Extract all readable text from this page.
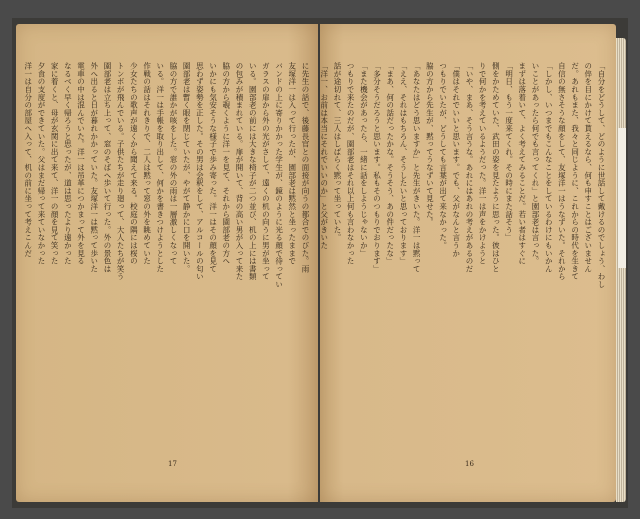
に先生の話で、後藤長官との面接が向うの都合でのびた。雨

友塚洋一は入って行ったが、園部老は黙然と坐ったままで

バンドの上に寄りかかった学生が、鏡のように光る顔で待ってい

ガラスの扉から外の光がさして、遠くの机の向うに男が坐って

いる。園部老の前には大きな椅子が二つ並び、机の上には書類

の包みが積まれている。扉が開いて、背の高い男が入って来た

脇の方から覗くように洋一を見て、それから園部老の方へ

いかにも気安そうな様子で歩み寄った。洋一はその顔を見て

思わず姿勢を正した。その男は会釈をして、アルコールの匂い

園部老は暫く眼を閉じていたが、やがて静かに口を開いた。

脇の方で誰かが咳をした。窓の外の雨は一層激しくなって

いる。洋一は手帳を取り出して、何かを書きつけようとした

作戦の話はそれきりで、二人は黙って窓の外を眺めていた

少女たちの歌声が遠くから聞えて来る。校庭の隅には桜の

トンボが飛んでいる。子供たちが走り廻って、大人たちが笑う

園部老は立ち上って、窓のそばへ歩いて行った。外の景色は

外へ出ると日が暮れかかっていた。友塚洋一は黙って歩いた

電車の中は混んでいた。洋一は吊革につかまって外を見る

なるべく早く帰ろうと思ったが、道は思ったより遠かった

家に着くと、母が玄関に出て来て、洋一の顔を見て笑った

夕食の支度ができていた。父はまだ帰って来ていなかった

洋一は自分の部屋へ入って、机の前に坐って考えこんだ

17

「自分をどうして、どのように世話して戴けるのでしょう、わし

の倅を目にかけて貰えるなら、何も申すことはございません

だ。あれもまた、我々と同じように、これからの時代を生きて

自信の無さそうな顔をして、友塚洋一はうなずいた。それから

「しかし、いつまでもこんなことをしているわけにもいかん

いことがあったら何でも言ってくれ」と園部老は言った。

まずは落着いて、よく考えてみることだ。若い者はすぐに

「明日、もう一度来てくれ。その時にまた話そう」

側をかためていた、武田の姿を見たように思った。彼はひと

りで何かを考えているようだった。洋一は声をかけようと

「いや、まあ、そう言うな。あれにはあれの考えがあるのだ

「僕はそれでいいと思います。でも、父がなんと言うか

つもりでいたが、どうしても言葉が出て来なかった。

脇の方から先生が、黙ってうなずいて見せた。

「あなたはどう思いますか」と先生がきいた。洋一は黙って

「ええ、それはもちろん、そうしたいと思っております」

「まあ、何の話だったかな。そうそう、あの件だったな」

「多分そうだろうと思います。私もそのつもりでおります」

「また機会があったら、一緒に話をしようじゃないか」

つもりで来たのだが、園部老はそれ以上何も言わなかった

話が途切れて、三人はしばらく黙って坐っていた。

「洋一、お前は本当にそれでいいのか」と父がきいた

16
